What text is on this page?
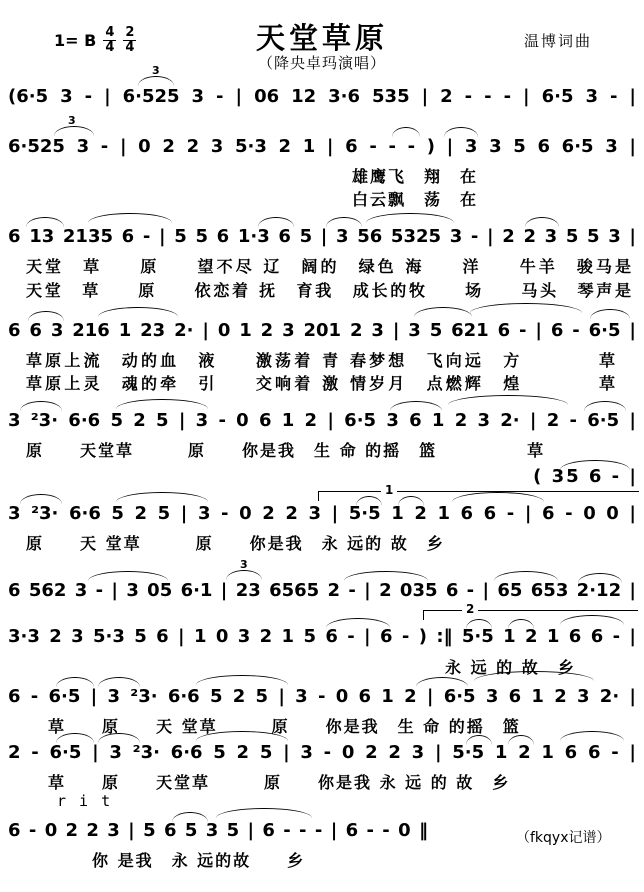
1= B $\frac{4}{4} \frac{2}{4}$	天堂草原
（降央卓玛演唱）
温博词曲
(6·5 3 - | 6·525 3 - | 06 12 3·6 535 | 2 - - - | 6·5 3 - |
3
6·525 3 - | 0 2 2 3 5·3 2 1 | 6 - - - ) | 3 3 5 6 6·5 3 |
3
雄鹰飞　翔　在
白云飘　荡　在
6 13 2135 6 - | 5 5 6 1·3 6 5 | 3 56 5325 3 - | 2 2 3 5 5 3 |
天堂　草　　原　　望不尽 辽　阔的　绿色 海　　洋　　牛羊　骏马是
天堂　草　　原　　依恋着 抚　育我　成长的牧　　场　　马头　琴声是
6 6 3 216 1 23 2· | 0 1 2 3 201 2 3 | 3 5 621 6 - | 6 - 6·5 |
草原上流　动的血　液　　激荡着 青 春梦想　飞向远　方　　　　草
草原上灵　魂的牵　引　　交响着 激 情岁月　点燃辉　煌　　　　草
3 ²3· 6·6 5 2 5 | 3 - 0 6 1 2 | 6·5 3 6 1 2 3 2· | 2 - 6·5 |
原　　天堂草　　　原　　你是我　生 命 的摇　篮　　　　　草
( 35 6 - |
1
3 ²3· 6·6 5 2 5 | 3 - 0 2 2 3 | 5·5 1 2 1 6 6 - | 6 - 0 0 |
原　　天 堂草　　　原　　你是我　永 远的 故　乡
6 562 3 - | 3 05 6·1 | 23 6565 2 - | 2 035 6 - | 65 653 2·12 |
3
2
3·3 2 3 5·3 5 6 | 1 0 3 2 1 5 6 - | 6 - ) :‖ 5·5 1 2 1 6 6 - |
永 远 的 故　乡
6 - 6·5 | 3 ²3· 6·6 5 2 5 | 3 - 0 6 1 2 | 6·5 3 6 1 2 3 2· |
草　　原　　天 堂草　　　原　　你是我　生 命 的摇　篮
2 - 6·5 | 3 ²3· 6·6 5 2 5 | 3 - 0 2 2 3 | 5·5 1 2 1 6 6 - |
草　　原　　天堂草　　　原　　你是我 永 远 的 故　乡
r i t
6 - 0 2 2 3 | 5 6 5 3 5 | 6 - - - | 6 - - 0 ‖
你 是我　永 远的故　　乡
（fkqyx记谱）
